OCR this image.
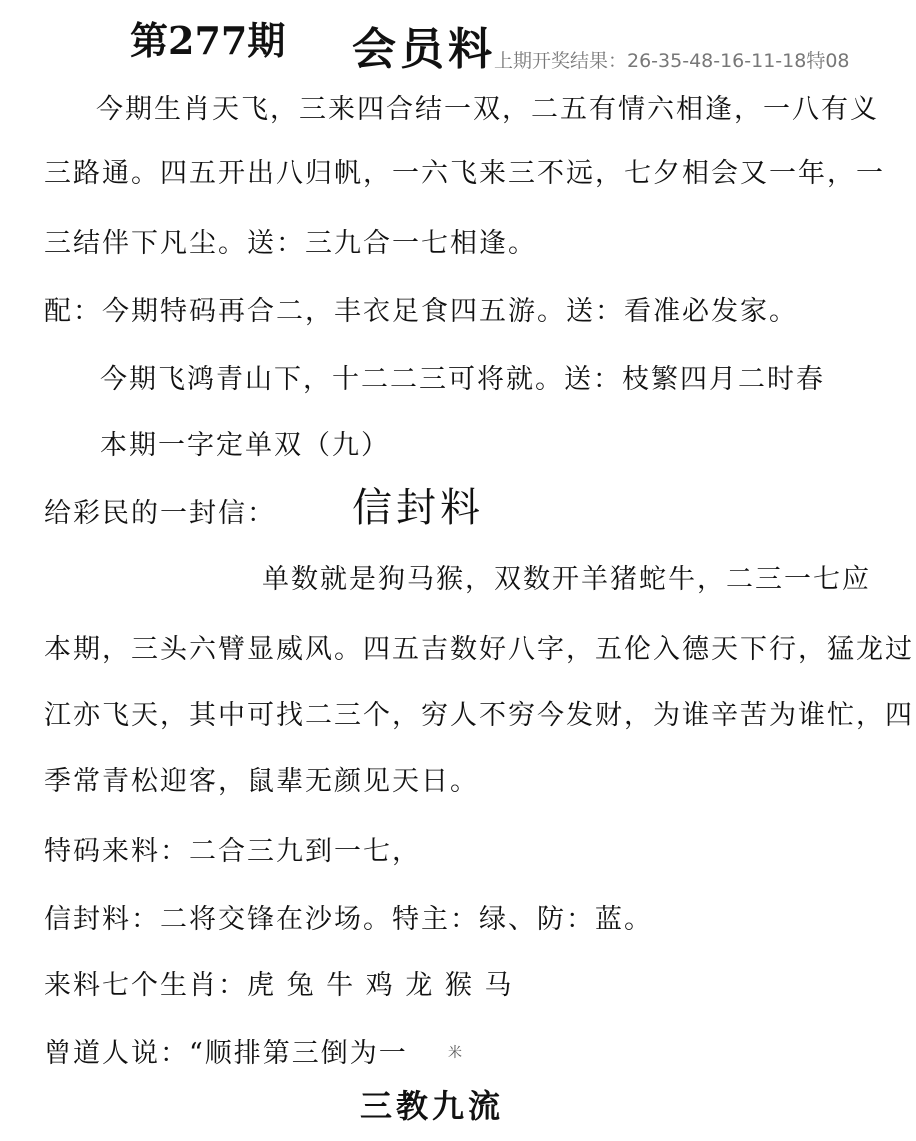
第277期 会员料
上期开奖结果：26-35-48-16-11-18特08
今期生肖天飞，三来四合结一双，二五有情六相逢，一八有义
三路通。四五开出八归帆，一六飞来三不远，七夕相会又一年，一
三结伴下凡尘。送：三九合一七相逢。
配：今期特码再合二，丰衣足食四五游。送：看准必发家。
今期飞鸿青山下，十二二三可将就。送：枝繁四月二时春
本期一字定单双（九）
给彩民的一封信： 信封料
单数就是狗马猴，双数开羊猪蛇牛，二三一七应
本期，三头六臂显威风。四五吉数好八字，五伦入德天下行，猛龙过
江亦飞天，其中可找二三个，穷人不穷今发财，为谁辛苦为谁忙，四
季常青松迎客，鼠辈无颜见天日。
特码来料：二合三九到一七，
信封料：二将交锋在沙场。特主：绿、防：蓝。
来料七个生肖：虎 兔 牛 鸡 龙 猴 马
曾道人说：“顺排第三倒为一	米
三教九流
